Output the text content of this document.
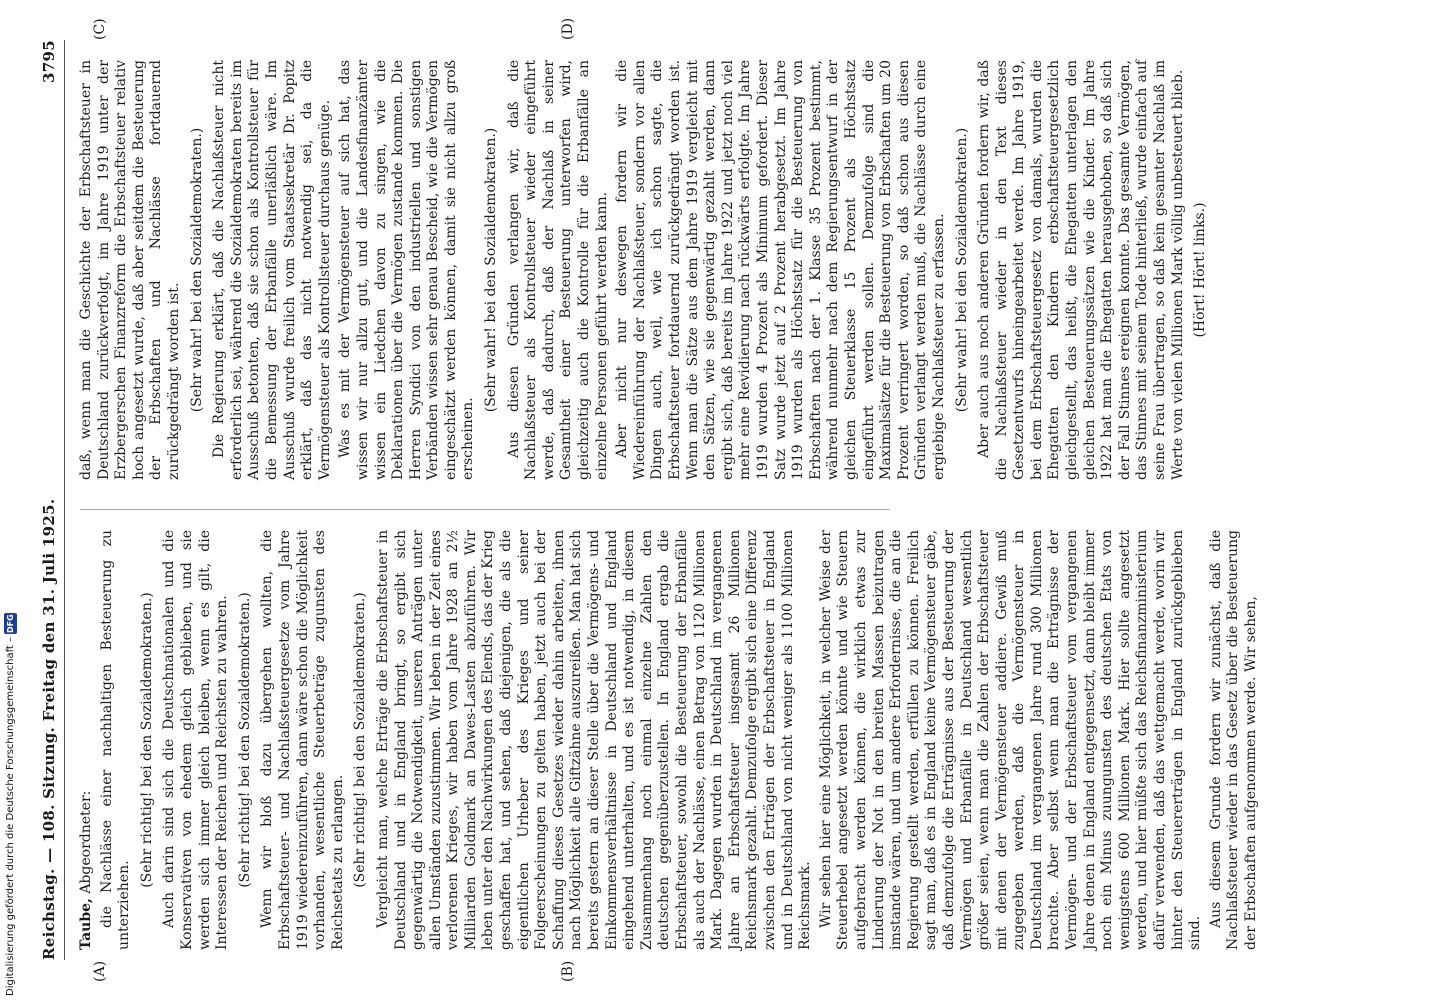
Reichstag. — 108. Sitzung. Freitag den 31. Juli 1925.
3795
(A)	(B)
(C)	(D)

Taube, Abgeordneter: die Nachlässe einer nachhaltigen Besteuerung zu unterziehen.

(Sehr richtig! bei den Sozialdemokraten.) Auch darin sind sich die Deutschnationalen und die Konservativen von ehedem gleich geblieben, und sie werden sich immer gleich bleiben, wenn es gilt, die Interessen der Reichen und Reichsten zu wahren. (Sehr richtig! bei den Sozialdemokraten.) Wenn wir bloß dazu übergehen wollten, die Erbschaftsteuer- und Nachlaßsteuergesetze vom Jahre 1919 wiedereinzuführen, dann wäre schon die Möglichkeit vorhanden, wesentliche Steuerbeträge zugunsten des Reichsetats zu erlangen. (Sehr richtig! bei den Sozialdemokraten.) Vergleicht man, welche Erträge die Erbschaftsteuer in Deutschland und in England bringt, so ergibt sich gegenwärtig die Notwendigkeit, unseren Anträgen unter allen Umständen zuzustimmen. Wir leben in der Zeit eines verlorenen Krieges, wir haben vom Jahre 1928 an 2½ Milliarden Goldmark an Dawes-Lasten abzuführen. Wir leben unter den Nachwirkungen des Elends, das der Krieg geschaffen hat, und sehen, daß diejenigen, die als die eigentlichen Urheber des Krieges und seiner Folgeerscheinungen zu gelten haben, jetzt auch bei der Schaffung dieses Gesetzes wieder dahin arbeiten, ihnen nach Möglichkeit alle Giftzähne auszureißen. Man hat sich bereits gestern an dieser Stelle über die Vermögens- und Einkommensverhältnisse in Deutschland und England eingehend unterhalten, und es ist notwendig, in diesem Zusammenhang noch einmal einzelne Zahlen den deutschen gegenüberzustellen. In England ergab die Erbschaftsteuer, sowohl die Besteuerung der Erbanfälle als auch der Nachlässe, einen Betrag von 1120 Millionen Mark. Dagegen wurden in Deutschland im vergangenen Jahre an Erbschaftsteuer insgesamt 26 Millionen Reichsmark gezahlt. Demzufolge ergibt sich eine Differenz zwischen den Erträgen der Erbschaftsteuer in England und in Deutschland von nicht weniger als 1100 Millionen Reichsmark. Wir sehen hier eine Möglichkeit, in welcher Weise der Steuerhebel angesetzt werden könnte und wie Steuern aufgebracht werden können, die wirklich etwas zur Linderung der Not in den breiten Massen beizutragen imstande wären, und um andere Erfordernisse, die an die Regierung gestellt werden, erfüllen zu können. Freilich sagt man, daß es in England keine Vermögensteuer gäbe, daß demzufolge die Erträgnisse aus der Besteuerung der Vermögen und Erbanfälle in Deutschland wesentlich größer seien, wenn man die Zahlen der Erbschaftsteuer mit denen der Vermögensteuer addiere. Gewiß muß zugegeben werden, daß die Vermögensteuer in Deutschland im vergangenen Jahre rund 300 Millionen brachte. Aber selbst wenn man die Erträgnisse der Vermögen- und der Erbschaftsteuer vom vergangenen Jahre denen in England entgegensetzt, dann bleibt immer noch ein Minus zuungunsten des deutschen Etats von wenigstens 600 Millionen Mark. Hier sollte angesetzt werden, und hier müßte sich das Reichsfinanzministerium dafür verwenden, daß das wettgemacht werde, worin wir hinter den Steuererträgen in England zurückgeblieben sind.

Aus diesem Grunde fordern wir zunächst, daß die Nachlaßsteuer wieder in das Gesetz über die Besteuerung der Erbschaften aufgenommen werde. Wir sehen,

daß, wenn man die Geschichte der Erbschaftsteuer in Deutschland zurückverfolgt, im Jahre 1919 unter der Erzbergerschen Finanzreform die Erbschaftsteuer relativ hoch angesetzt wurde, daß aber seitdem die Besteuerung der Erbschaften und Nachlässe fortdauernd zurückgedrängt worden ist. (Sehr wahr! bei den Sozialdemokraten.) Die Regierung erklärt, daß die Nachlaßsteuer nicht erforderlich sei, während die Sozialdemokraten bereits im Ausschuß betonten, daß sie schon als Kontrollsteuer für die Bemessung der Erbanfälle unerläßlich wäre. Im Ausschuß wurde freilich vom Staatssekretär Dr. Popitz erklärt, daß das nicht notwendig sei, da die Vermögensteuer als Kontrollsteuer durchaus genüge. Was es mit der Vermögensteuer auf sich hat, das wissen wir nur allzu gut, und die Landesfinanzämter wissen ein Liedchen davon zu singen, wie die Deklarationen über die Vermögen zustande kommen. Die Herren Syndici von den industriellen und sonstigen Verbänden wissen sehr genau Bescheid, wie die Vermögen eingeschätzt werden können, damit sie nicht allzu groß erscheinen.

(Sehr wahr! bei den Sozialdemokraten.) Aus diesen Gründen verlangen wir, daß die Nachlaßsteuer als Kontrollsteuer wieder eingeführt werde, daß dadurch, daß der Nachlaß in seiner Gesamtheit einer Besteuerung unterworfen wird, gleichzeitig auch die Kontrolle für die Erbanfälle an einzelne Personen geführt werden kann. Aber nicht nur deswegen fordern wir die Wiedereinführung der Nachlaßsteuer, sondern vor allen Dingen auch, weil, wie ich schon sagte, die Erbschaftsteuer fortdauernd zurückgedrängt worden ist. Wenn man die Sätze aus dem Jahre 1919 vergleicht mit den Sätzen, wie sie gegenwärtig gezahlt werden, dann ergibt sich, daß bereits im Jahre 1922 und jetzt noch viel mehr eine Revidierung nach rückwärts erfolgte. Im Jahre 1919 wurden 4 Prozent als Minimum gefordert. Dieser Satz wurde jetzt auf 2 Prozent herabgesetzt. Im Jahre 1919 wurden als Höchstsatz für die Besteuerung von Erbschaften nach der 1. Klasse 35 Prozent bestimmt, während nunmehr nach dem Regierungsentwurf in der gleichen Steuerklasse 15 Prozent als Höchstsatz eingeführt werden sollen. Demzufolge sind die Maximalsätze für die Besteuerung von Erbschaften um 20 Prozent verringert worden, so daß schon aus diesen Gründen verlangt werden muß, die Nachlässe durch eine ergiebige Nachlaßsteuer zu erfassen. (Sehr wahr! bei den Sozialdemokraten.) Aber auch aus noch anderen Gründen fordern wir, daß die Nachlaßsteuer wieder in den Text dieses Gesetzentwurfs hineingearbeitet werde. Im Jahre 1919, bei dem Erbschaftsteuergesetz von damals, wurden die Ehegatten den Kindern erbschaftsteuergesetzlich gleichgestellt, das heißt, die Ehegatten unterlagen den gleichen Besteuerungssätzen wie die Kinder. Im Jahre 1922 hat man die Ehegatten herausgehoben, so daß sich der Fall Stinnes ereignen konnte. Das gesamte Vermögen, das Stinnes mit seinem Tode hinterließ, wurde einfach auf seine Frau übertragen, so daß kein gesamter Nachlaß im Werte von vielen Millionen Mark völlig unbesteuert blieb. (Hört! Hört! links.)

Digitalisierung gefördert durch die Deutsche Forschungsgemeinschaft – DFG
